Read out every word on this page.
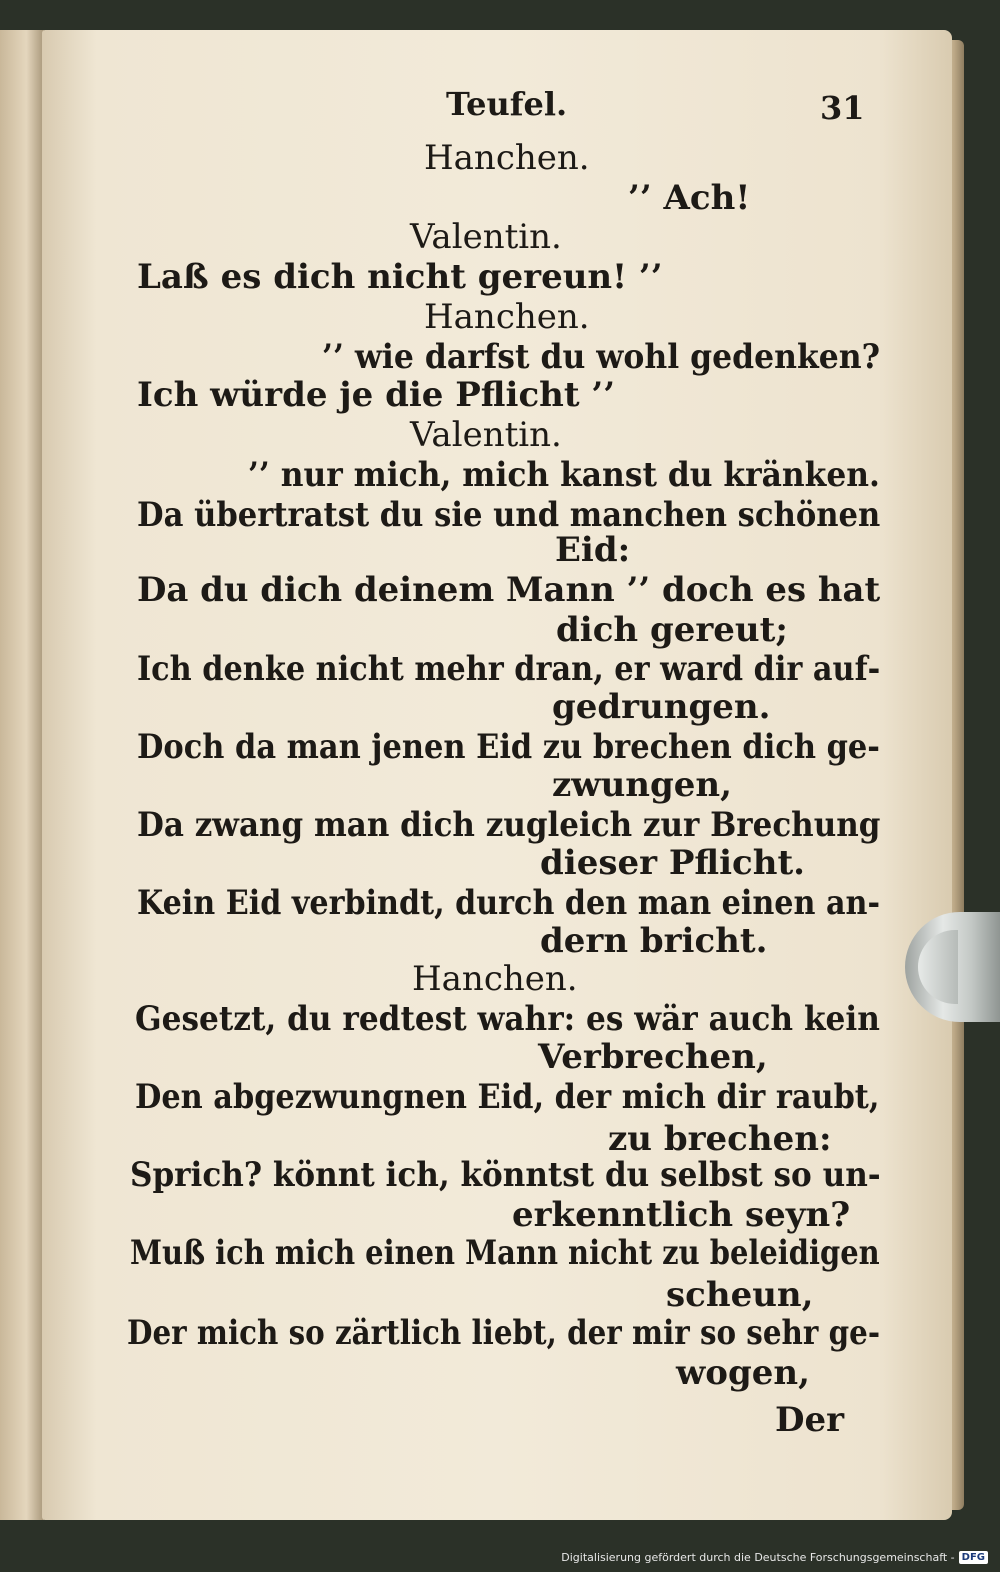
Teufel.	31
Hanchen.
’’ Ach!
Valentin.
Laß es dich nicht gereun! ’’
Hanchen.
’’ wie darfst du wohl gedenken?
Ich würde je die Pflicht ’’
Valentin.
’’ nur mich, mich kanst du kränken.
Da übertratst du sie und manchen schönen
Eid:
Da du dich deinem Mann ’’ doch es hat
dich gereut;
Ich denke nicht mehr dran, er ward dir auf‐
gedrungen.
Doch da man jenen Eid zu brechen dich ge‐
zwungen,
Da zwang man dich zugleich zur Brechung
dieser Pflicht.
Kein Eid verbindt, durch den man einen an‐
dern bricht.
Hanchen.
Gesetzt, du redtest wahr: es wär auch kein
Verbrechen,
Den abgezwungnen Eid, der mich dir raubt,
zu brechen:
Sprich? könnt ich, könntst du selbst so un‐
erkenntlich seyn?
Muß ich mich einen Mann nicht zu beleidigen
scheun,
Der mich so zärtlich liebt, der mir so sehr ge‐
wogen,
Der
Digitalisierung gefördert durch die Deutsche Forschungsgemeinschaft ‐ DFG
